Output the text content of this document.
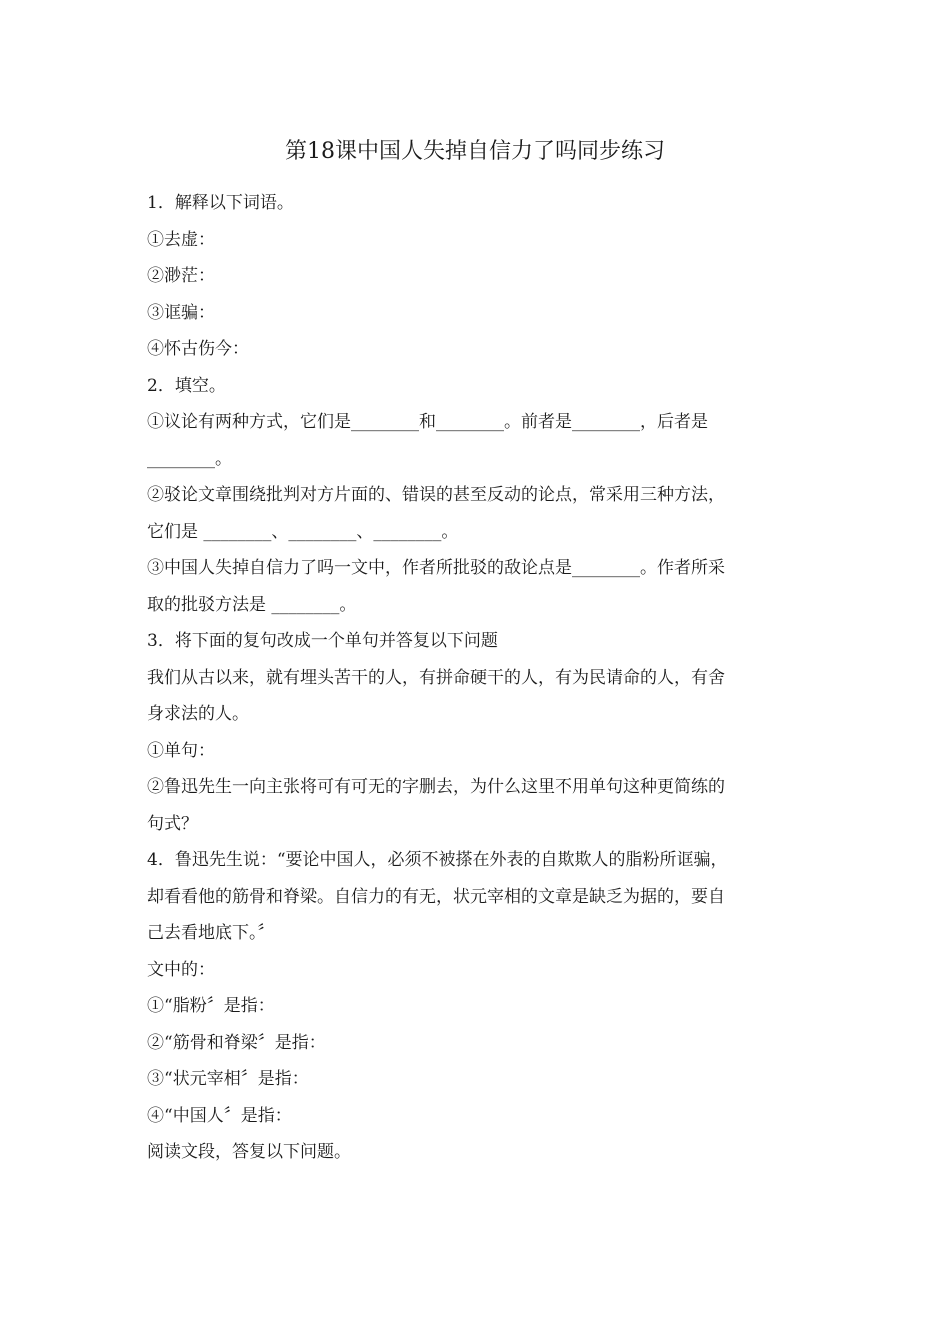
第18课中国人失掉自信力了吗同步练习

1．解释以下词语。

①去虚：

②渺茫：

③诓骗：

④怀古伤今：

2．填空。

①议论有两种方式，它们是________和________。前者是________，后者是

________。

②驳论文章围绕批判对方片面的、错误的甚至反动的论点，常采用三种方法，

它们是 ________、________、________。

③中国人失掉自信力了吗一文中，作者所批驳的敌论点是________。作者所采

取的批驳方法是 ________。

3．将下面的复句改成一个单句并答复以下问题

我们从古以来，就有埋头苦干的人，有拼命硬干的人，有为民请命的人，有舍

身求法的人。

①单句：

②鲁迅先生一向主张将可有可无的字删去，为什么这里不用单句这种更简练的

句式？

4．鲁迅先生说：“要论中国人，必须不被搽在外表的自欺欺人的脂粉所诓骗，

却看看他的筋骨和脊梁。自信力的有无，状元宰相的文章是缺乏为据的，要自

己去看地底下。〞

文中的：

①“脂粉〞是指：

②“筋骨和脊梁〞是指：

③“状元宰相〞是指：

④“中国人〞是指：

阅读文段，答复以下问题。
